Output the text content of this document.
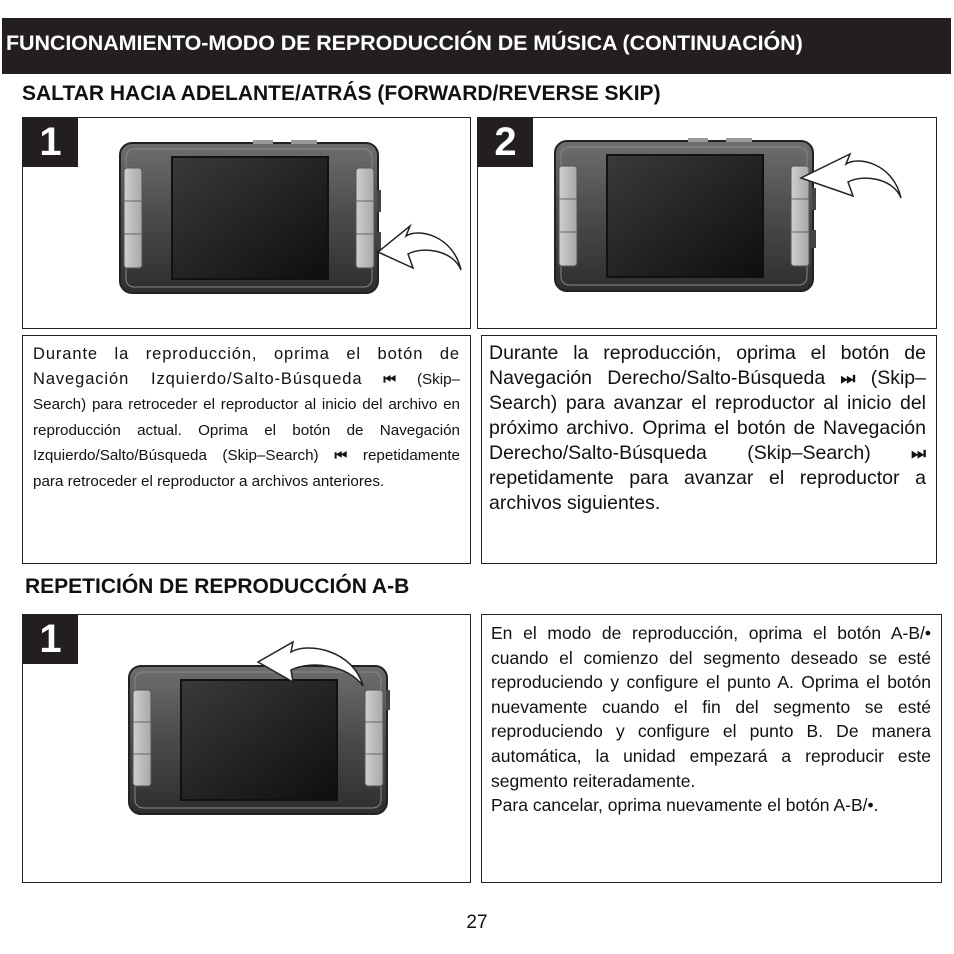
FUNCIONAMIENTO-MODO DE REPRODUCCIÓN DE MÚSICA (CONTINUACIÓN)
SALTAR HACIA ADELANTE/ATRÁS (FORWARD/REVERSE SKIP)
1	2

Durante la reproducción, oprima el botón de Navegación Izquierdo/Salto-Búsqueda ⏮ (Skip–Search) para retroceder el reproductor al inicio del archivo en reproducción actual. Oprima el botón de Navegación Izquierdo/Salto/Búsqueda (Skip–Search) ⏮ repetidamente para retroceder el reproductor a archivos anteriores.

Durante la reproducción, oprima el botón de Navegación Derecho/Salto-Búsqueda ⏭ (Skip–Search) para avanzar el reproductor al inicio del próximo archivo. Oprima el botón de Navegación Derecho/Salto-Búsqueda (Skip–Search) ⏭ repetidamente para avanzar el reproductor a archivos siguientes.

REPETICIÓN DE REPRODUCCIÓN A-B
1	En el modo de reproducción, oprima el botón A-B/• cuando el comienzo del segmento deseado se esté reproduciendo y configure el punto A. Oprima el botón nuevamente cuando el fin del segmento se esté reproduciendo y configure el punto B. De manera automática, la unidad empezará a reproducir este segmento reiteradamente.

Para cancelar, oprima nuevamente el botón A-B/•.

27
